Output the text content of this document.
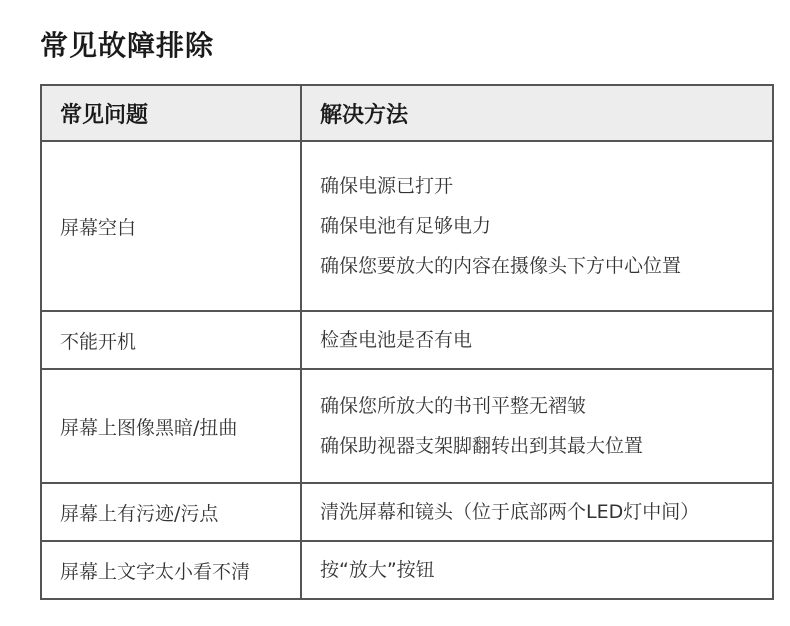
常见故障排除
常见问题	解决方法
屏幕空白	确保电源已打开
确保电池有足够电力
确保您要放大的内容在摄像头下方中心位置

不能开机	检查电池是否有电

屏幕上图像黑暗/扭曲	确保您所放大的书刊平整无褶皱
确保助视器支架脚翻转出到其最大位置

屏幕上有污迹/污点	清洗屏幕和镜头（位于底部两个LED灯中间）

屏幕上文字太小看不清	按“放大”按钮
